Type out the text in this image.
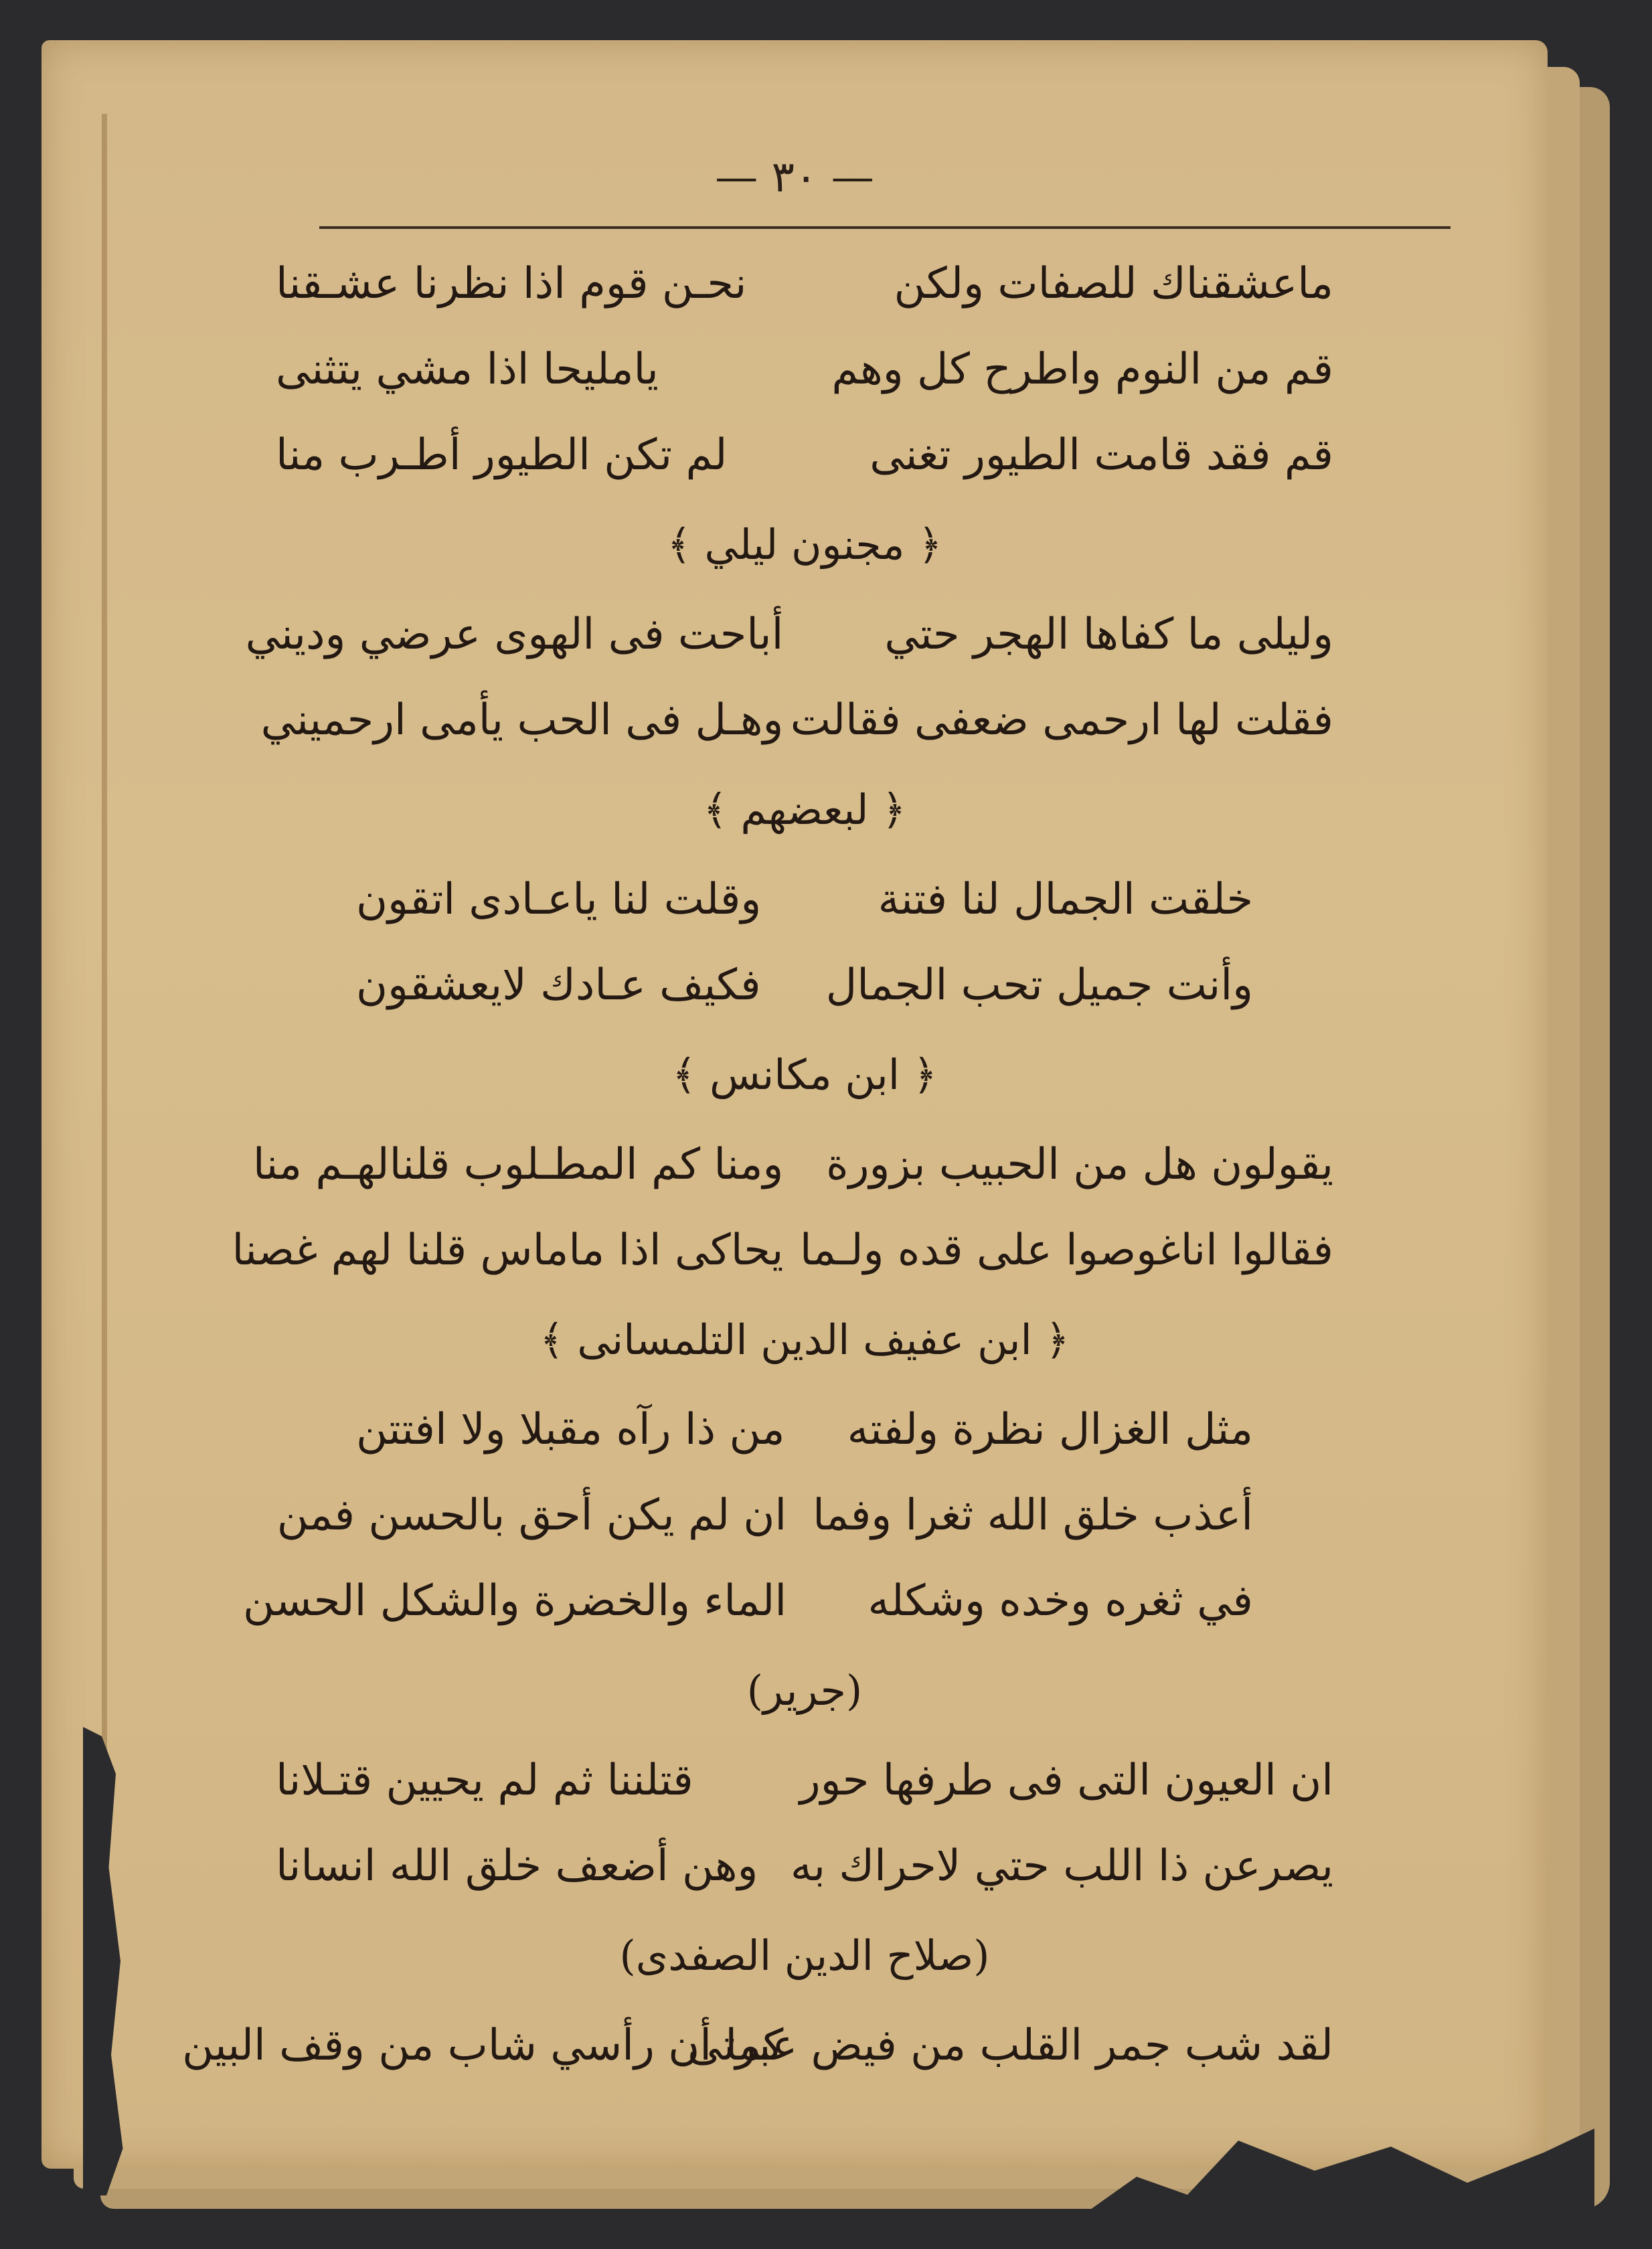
— ٣٠ —
ماعشقناك للصفات ولكن
نحـن قوم اذا نظرنا عشـقنا
قم من النوم واطرح كل وهم
يامليحا اذا مشي يتثنى
قم فقد قامت الطيور تغنى
لم تكن الطيور أطـرب منا
﴿ مجنون ليلي ﴾
وليلى ما كفاها الهجر حتي
أباحت فى الهوى عرضي وديني
فقلت لها ارحمى ضعفى فقالت
وهـل فى الحب يأمى ارحميني
﴿ لبعضهم ﴾
خلقت الجمال لنا فتنة
وقلت لنا ياعـادى اتقون
وأنت جميل تحب الجمال
فكيف عـادك لايعشقون
﴿ ابن مكانس ﴾
يقولون هل من الحبيب بزورة
ومنا كم المطـلوب قلنالهـم منا
فقالوا اناغوصوا على قده ولـما
يحاكى اذا ماماس قلنا لهم غصنا
﴿ ابن عفيف الدين التلمسانى ﴾
مثل الغزال نظرة ولفته
من ذا رآه مقبلا ولا افتتن
أعذب خلق الله ثغرا وفما
ان لم يكن أحق بالحسن فمن
في ثغره وخده وشكله
الماء والخضرة والشكل الحسن
(جرير)
ان العيون التى فى طرفها حور
قتلننا ثم لم يحيين قتـلانا
يصرعن ذا اللب حتي لاحراك به
وهن أضعف خلق الله انسانا
(صلاح الدين الصفدى)
لقد شب جمر القلب من فيض عبرتى
كما أن رأسي شاب من وقف البين
